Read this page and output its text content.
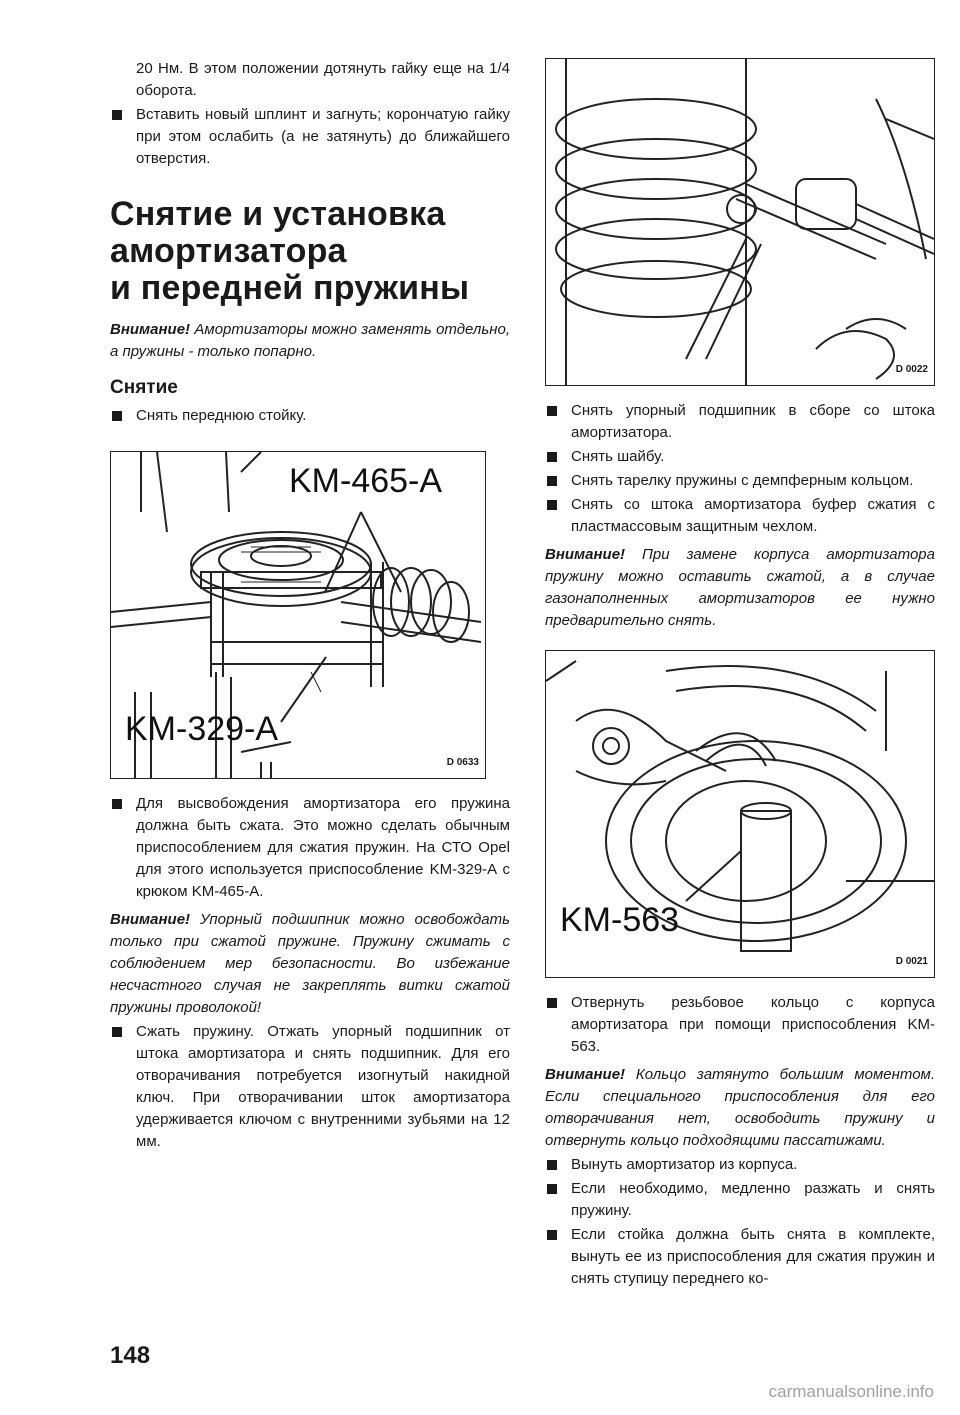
20 Нм. В этом положении дотянуть гайку еще на 1/4 оборота.

Вставить новый шплинт и загнуть; корончатую гайку при этом ослабить (а не затянуть) до ближайшего отверстия.
Снятие и установка
амортизатора
и передней пружины

Внимание! Амортизаторы можно заменять отдельно, а пружины - только попарно.

Снятие
Снять переднюю стойку.
KM-465-A
KM-329-A
D 0633
Для высвобождения амортизатора его пружина должна быть сжата. Это можно сделать обычным приспособлением для сжатия пружин. На СТО Opel для этого используется приспособление KM-329-A с крюком KM-465-A.

Внимание! Упорный подшипник можно освобождать только при сжатой пружине. Пружину сжимать с соблюдением мер безопасности. Во избежание несчастного случая не закреплять витки сжатой пружины проволокой!

Сжать пружину. Отжать упорный подшипник от штока амортизатора и снять подшипник. Для его отворачивания потребуется изогнутый накидной ключ. При отворачивании шток амортизатора удерживается ключом с внутренними зубьями на 12 мм.
D 0022
Снять упорный подшипник в сборе со штока амортизатора.
Снять шайбу.
Снять тарелку пружины с демпферным кольцом.
Снять со штока амортизатора буфер сжатия с пластмассовым защитным чехлом.

Внимание! При замене корпуса амортизатора пружину можно оставить сжатой, а в случае газонаполненных амортизаторов ее нужно предварительно снять.

KM-563
D 0021
Отвернуть резьбовое кольцо с корпуса амортизатора при помощи приспособления KM-563.

Внимание! Кольцо затянуто большим моментом. Если специального приспособления для его отворачивания нет, освободить пружину и отвернуть кольцо подходящими пассатижами.

Вынуть амортизатор из корпуса.
Если необходимо, медленно разжать и снять пружину.
Если стойка должна быть снята в комплекте, вынуть ее из приспособления для сжатия пружин и снять ступицу переднего ко-
148
carmanualsonline.info
